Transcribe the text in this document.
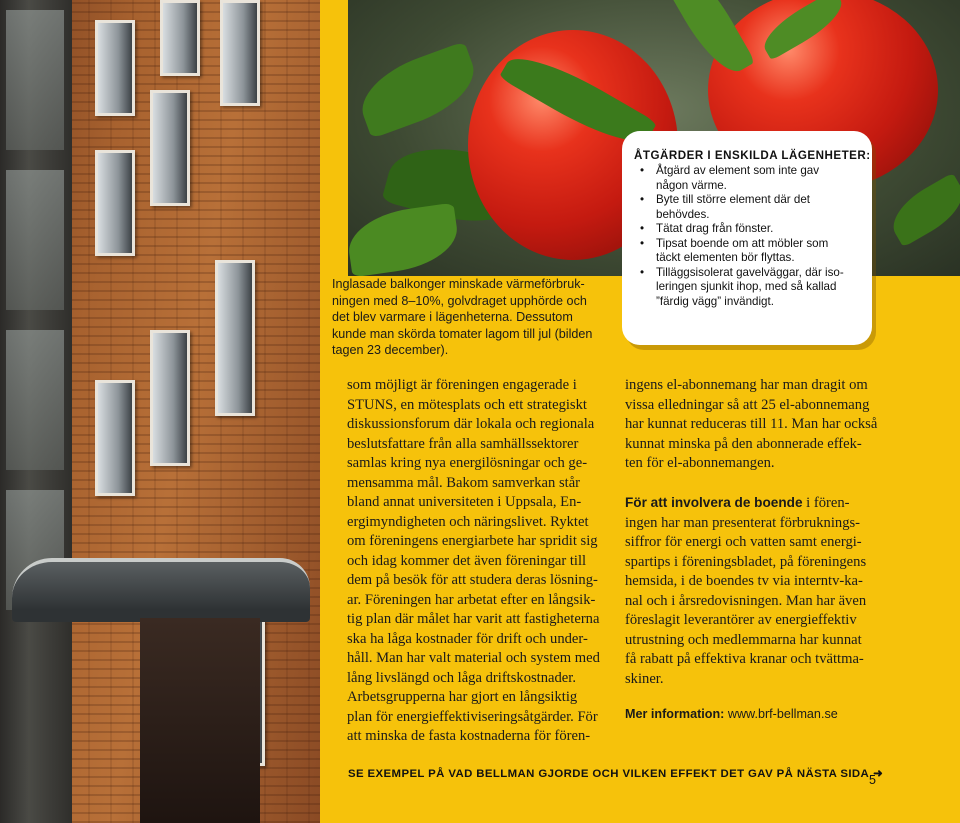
Inglasade balkonger minskade värmeförbruk-
ningen med 8–10%, golvdraget upphörde och
det blev varmare i lägenheterna. Dessutom
kunde man skörda tomater lagom till jul (bilden
tagen 23 december).
ÅTGÄRDER I ENSKILDA LÄGENHETER:
• Åtgärd av element som inte gav
någon värme.
• Byte till större element där det
behövdes.
• Tätat drag från fönster.
• Tipsat boende om att möbler som
täckt elementen bör flyttas.
• Tilläggsisolerat gavelväggar, där iso-
leringen sjunkit ihop, med så kallad
”färdig vägg” invändigt.
som möjligt är föreningen engagerade i
STUNS, en mötesplats och ett strategiskt
diskussionsforum där lokala och regionala
beslutsfattare från alla samhällssektorer
samlas kring nya energilösningar och ge-
mensamma mål. Bakom samverkan står
bland annat universiteten i Uppsala, En-
ergimyndigheten och näringslivet. Ryktet
om föreningens energiarbete har spridit sig
och idag kommer det även föreningar till
dem på besök för att studera deras lösning-
ar. Föreningen har arbetat efter en långsik-
tig plan där målet har varit att fastigheterna
ska ha låga kostnader för drift och under-
håll. Man har valt material och system med
lång livslängd och låga driftskostnader.
Arbetsgrupperna har gjort en långsiktig
plan för energieffektiviseringsåtgärder. För
att minska de fasta kostnaderna för fören-
ingens el-abonnemang har man dragit om
vissa elledningar så att 25 el-abonnemang
har kunnat reduceras till 11. Man har också
kunnat minska på den abonnerade effek-
ten för el-abonnemangen.
För att involvera de boende i fören-
ingen har man presenterat förbruknings-
siffror för energi och vatten samt energi-
spartips i föreningsbladet, på föreningens
hemsida, i de boendes tv via interntv-ka-
nal och i årsredovisningen. Man har även
föreslagit leverantörer av energieffektiv
utrustning och medlemmarna har kunnat
få rabatt på effektiva kranar och tvättma-
skiner.
Mer information: www.brf-bellman.se
SE EXEMPEL PÅ VAD BELLMAN GJORDE OCH VILKEN EFFEKT DET GAV PÅ NÄSTA SIDA ➜
5
